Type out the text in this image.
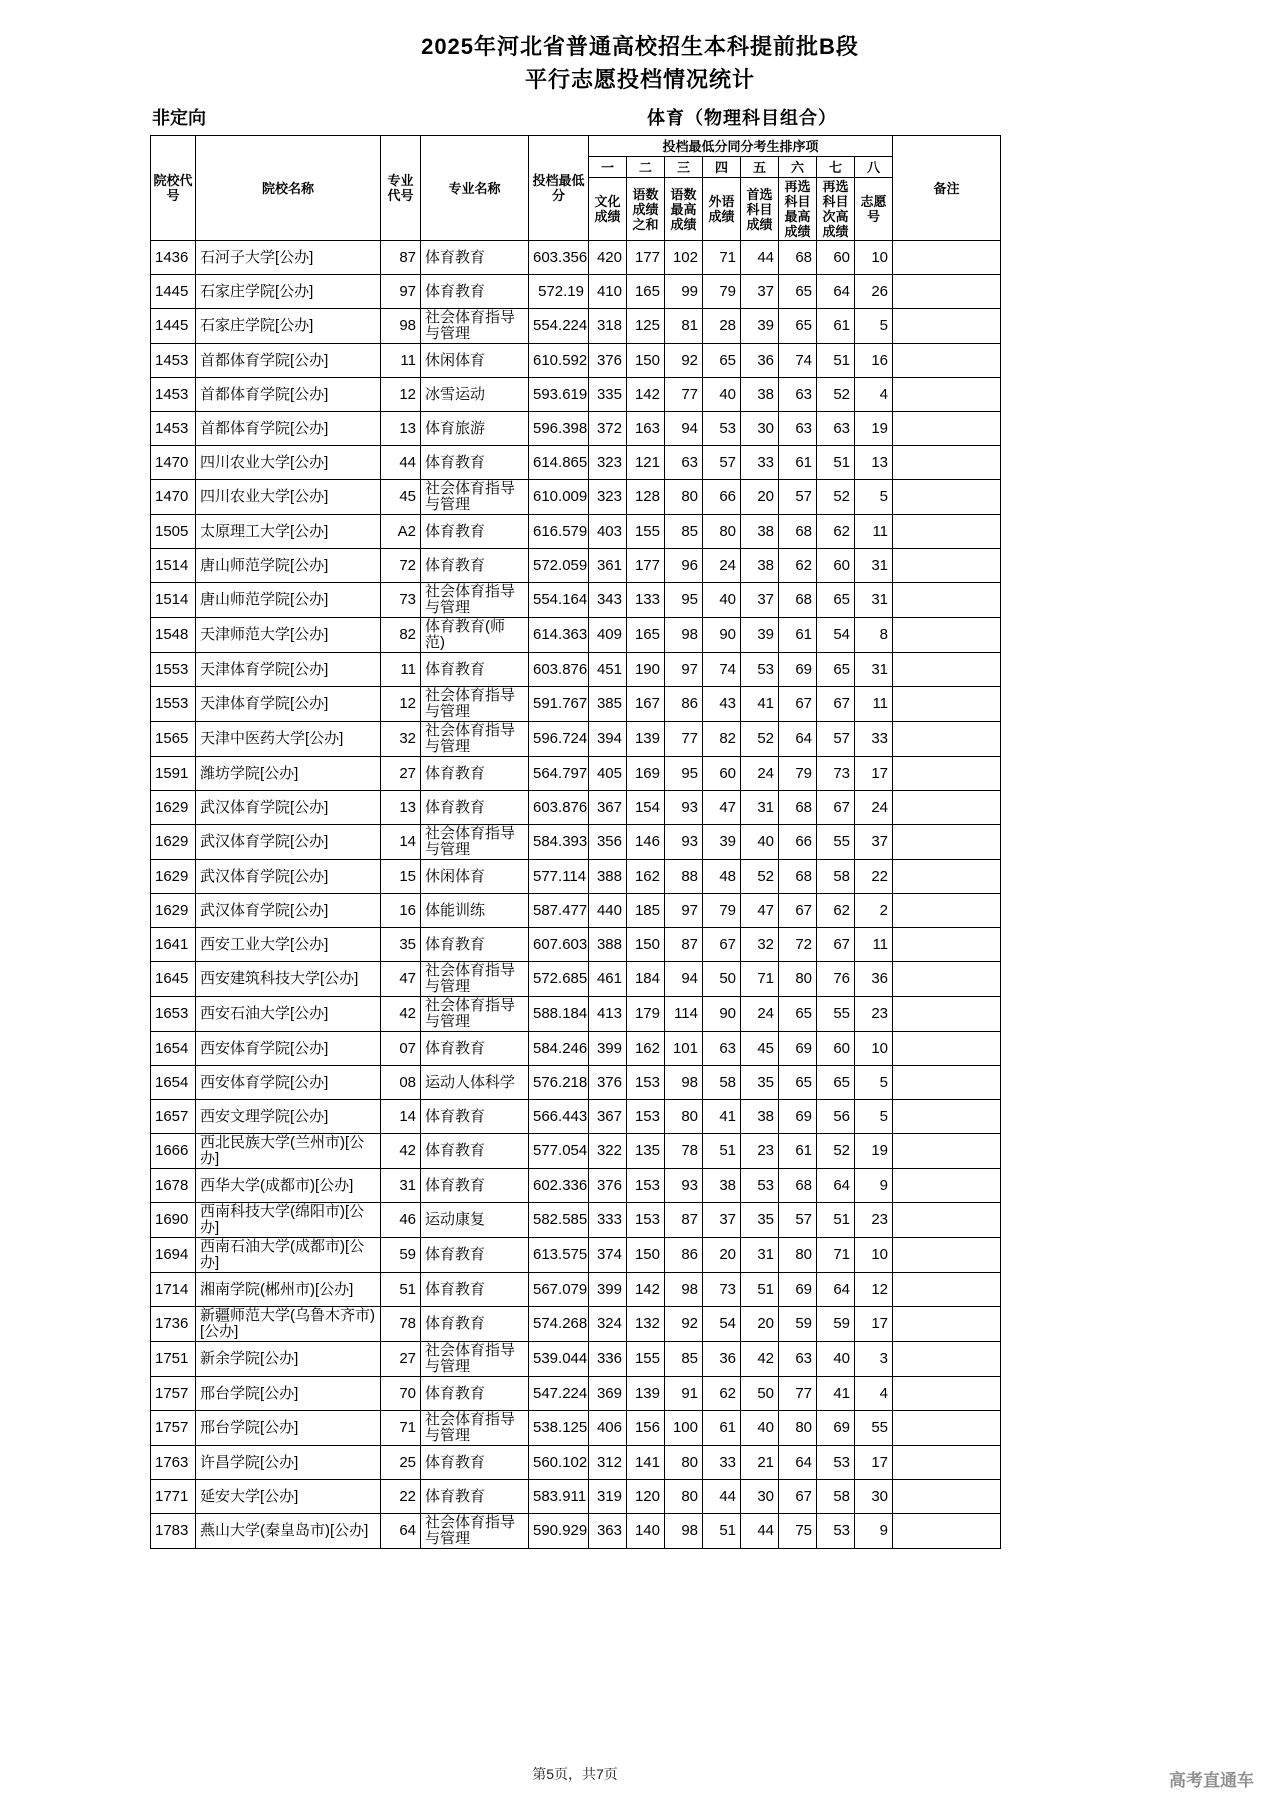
2025年河北省普通高校招生本科提前批B段
平行志愿投档情况统计
非定向	体育（物理科目组合）
院校代号	院校名称	专业代号	专业名称	投档最低分	投档最低分同分考生排序项								备注
					一	二	三	四	五	六	七	八	
					文化成绩	语数成绩之和	语数最高成绩	外语成绩	首选科目成绩	再选科目最高成绩	再选科目次高成绩	志愿号	
1436	石河子大学[公办]	87	体育教育	603.356	420	177	102	71	44	68	60	10	
1445	石家庄学院[公办]	97	体育教育	572.19	410	165	99	79	37	65	64	26	
1445	石家庄学院[公办]	98	社会体育指导与管理	554.224	318	125	81	28	39	65	61	5	
1453	首都体育学院[公办]	11	休闲体育	610.592	376	150	92	65	36	74	51	16	
1453	首都体育学院[公办]	12	冰雪运动	593.619	335	142	77	40	38	63	52	4	
1453	首都体育学院[公办]	13	体育旅游	596.398	372	163	94	53	30	63	63	19	
1470	四川农业大学[公办]	44	体育教育	614.865	323	121	63	57	33	61	51	13	
1470	四川农业大学[公办]	45	社会体育指导与管理	610.009	323	128	80	66	20	57	52	5	
1505	太原理工大学[公办]	A2	体育教育	616.579	403	155	85	80	38	68	62	11	
1514	唐山师范学院[公办]	72	体育教育	572.059	361	177	96	24	38	62	60	31	
1514	唐山师范学院[公办]	73	社会体育指导与管理	554.164	343	133	95	40	37	68	65	31	
1548	天津师范大学[公办]	82	体育教育(师范)	614.363	409	165	98	90	39	61	54	8	
1553	天津体育学院[公办]	11	体育教育	603.876	451	190	97	74	53	69	65	31	
1553	天津体育学院[公办]	12	社会体育指导与管理	591.767	385	167	86	43	41	67	67	11	
1565	天津中医药大学[公办]	32	社会体育指导与管理	596.724	394	139	77	82	52	64	57	33	
1591	潍坊学院[公办]	27	体育教育	564.797	405	169	95	60	24	79	73	17	
1629	武汉体育学院[公办]	13	体育教育	603.876	367	154	93	47	31	68	67	24	
1629	武汉体育学院[公办]	14	社会体育指导与管理	584.393	356	146	93	39	40	66	55	37	
1629	武汉体育学院[公办]	15	休闲体育	577.114	388	162	88	48	52	68	58	22	
1629	武汉体育学院[公办]	16	体能训练	587.477	440	185	97	79	47	67	62	2	
1641	西安工业大学[公办]	35	体育教育	607.603	388	150	87	67	32	72	67	11	
1645	西安建筑科技大学[公办]	47	社会体育指导与管理	572.685	461	184	94	50	71	80	76	36	
1653	西安石油大学[公办]	42	社会体育指导与管理	588.184	413	179	114	90	24	65	55	23	
1654	西安体育学院[公办]	07	体育教育	584.246	399	162	101	63	45	69	60	10	
1654	西安体育学院[公办]	08	运动人体科学	576.218	376	153	98	58	35	65	65	5	
1657	西安文理学院[公办]	14	体育教育	566.443	367	153	80	41	38	69	56	5	
1666	西北民族大学(兰州市)[公办]	42	体育教育	577.054	322	135	78	51	23	61	52	19	
1678	西华大学(成都市)[公办]	31	体育教育	602.336	376	153	93	38	53	68	64	9	
1690	西南科技大学(绵阳市)[公办]	46	运动康复	582.585	333	153	87	37	35	57	51	23	
1694	西南石油大学(成都市)[公办]	59	体育教育	613.575	374	150	86	20	31	80	71	10	
1714	湘南学院(郴州市)[公办]	51	体育教育	567.079	399	142	98	73	51	69	64	12	
1736	新疆师范大学(乌鲁木齐市)[公办]	78	体育教育	574.268	324	132	92	54	20	59	59	17	
1751	新余学院[公办]	27	社会体育指导与管理	539.044	336	155	85	36	42	63	40	3	
1757	邢台学院[公办]	70	体育教育	547.224	369	139	91	62	50	77	41	4	
1757	邢台学院[公办]	71	社会体育指导与管理	538.125	406	156	100	61	40	80	69	55	
1763	许昌学院[公办]	25	体育教育	560.102	312	141	80	33	21	64	53	17	
1771	延安大学[公办]	22	体育教育	583.911	319	120	80	44	30	67	58	30	
1783	燕山大学(秦皇岛市)[公办]	64	社会体育指导与管理	590.929	363	140	98	51	44	75	53	9	
第5页，共7页	高考直通车
